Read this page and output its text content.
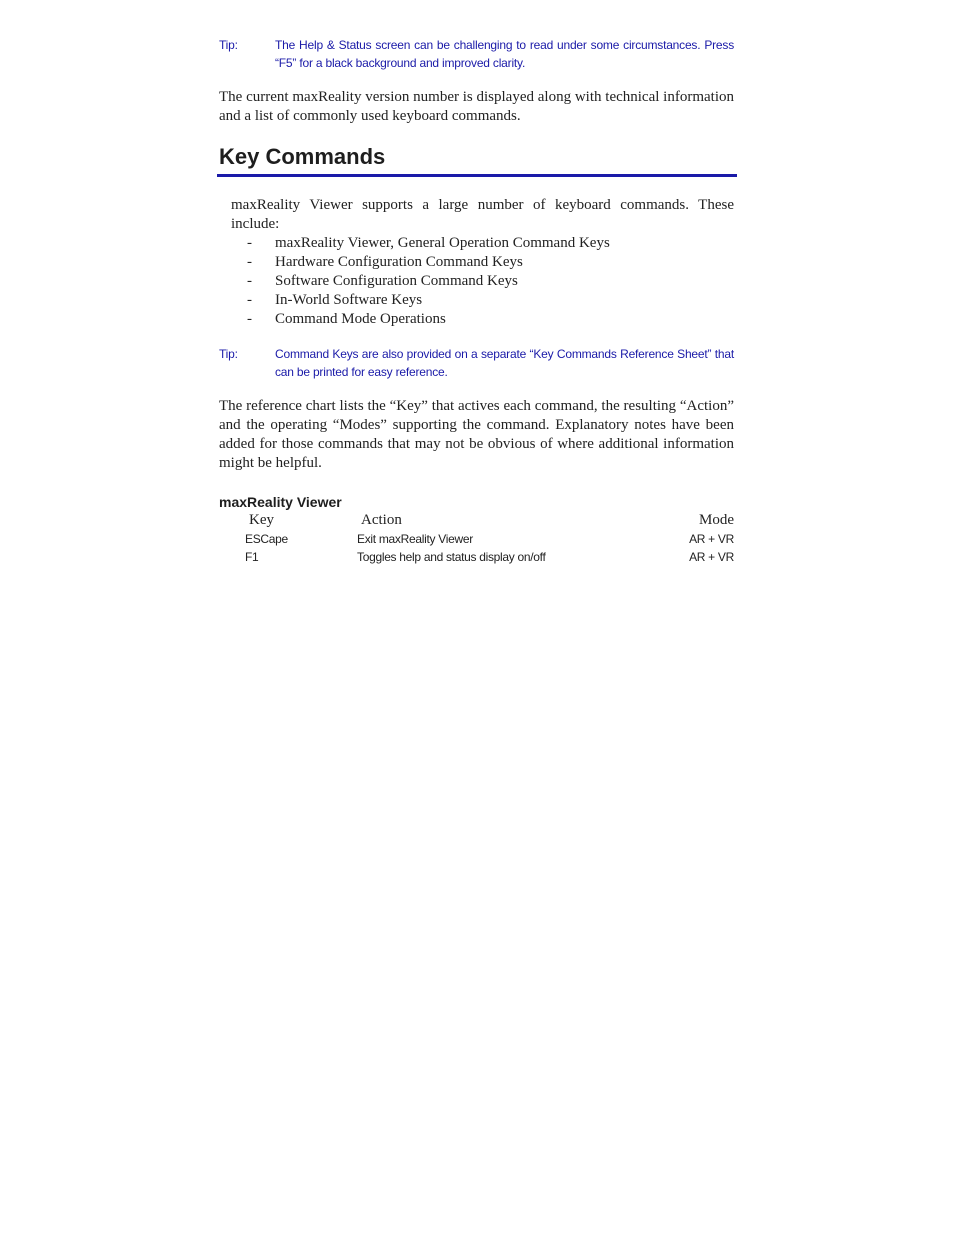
Tip:	The Help & Status screen can be challenging to read under some circumstances. Press “F5” for a black background and improved clarity.

The current maxReality version number is displayed along with technical information and a list of commonly used keyboard commands.

Key Commands

maxReality Viewer supports a large number of keyboard commands. These include:

-	maxReality Viewer, General Operation Command Keys
-	Hardware Configuration Command Keys
-	Software Configuration Command Keys
-	In-World Software Keys
-	Command Mode Operations
Tip:	Command Keys are also provided on a separate “Key Commands Reference Sheet” that can be printed for easy reference.

The reference chart lists the “Key” that actives each command, the resulting “Action” and the operating “Modes” supporting the command. Explanatory notes have been added for those commands that may not be obvious of where additional information might be helpful.

maxReality Viewer
Key	Action	Mode
ESCape	Exit maxReality Viewer	AR + VR
F1	Toggles help and status display on/off	AR + VR
